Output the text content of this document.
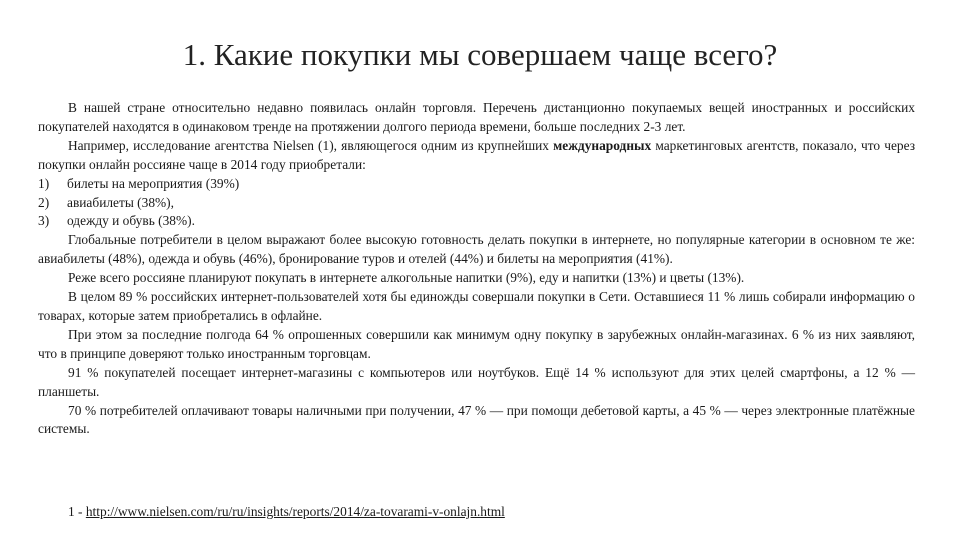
1. Какие покупки мы совершаем чаще всего?

В нашей стране относительно недавно появилась онлайн торговля. Перечень дистанционно покупаемых вещей иностранных и российских покупателей находятся в одинаковом тренде на протяжении долгого периода времени, больше последних 2-3 лет.

Например, исследование агентства Nielsen (1), являющегося одним из крупнейших международных маркетинговых агентств, показало, что через покупки онлайн россияне чаще в 2014 году приобретали:

1) билеты на мероприятия (39%)

2) авиабилеты (38%),

3) одежду и обувь (38%).

Глобальные потребители в целом выражают более высокую готовность делать покупки в интернете, но популярные категории в основном те же: авиабилеты (48%), одежда и обувь (46%), бронирование туров и отелей (44%) и билеты на мероприятия (41%).

Реже всего россияне планируют покупать в интернете алкогольные напитки (9%), еду и напитки (13%) и цветы (13%).

В целом 89 % российских интернет-пользователей хотя бы единожды совершали покупки в Сети. Оставшиеся 11 % лишь собирали информацию о товарах, которые затем приобретались в офлайне.

При этом за последние полгода 64 % опрошенных совершили как минимум одну покупку в зарубежных онлайн-магазинах. 6 % из них заявляют, что в принципе доверяют только иностранным торговцам.

91 % покупателей посещает интернет-магазины с компьютеров или ноутбуков. Ещё 14 % используют для этих целей смартфоны, а 12 % — планшеты.

70 % потребителей оплачивают товары наличными при получении, 47 % — при помощи дебетовой карты, а 45 % — через электронные платёжные системы.

1 - http://www.nielsen.com/ru/ru/insights/reports/2014/za-tovarami-v-onlajn.html
